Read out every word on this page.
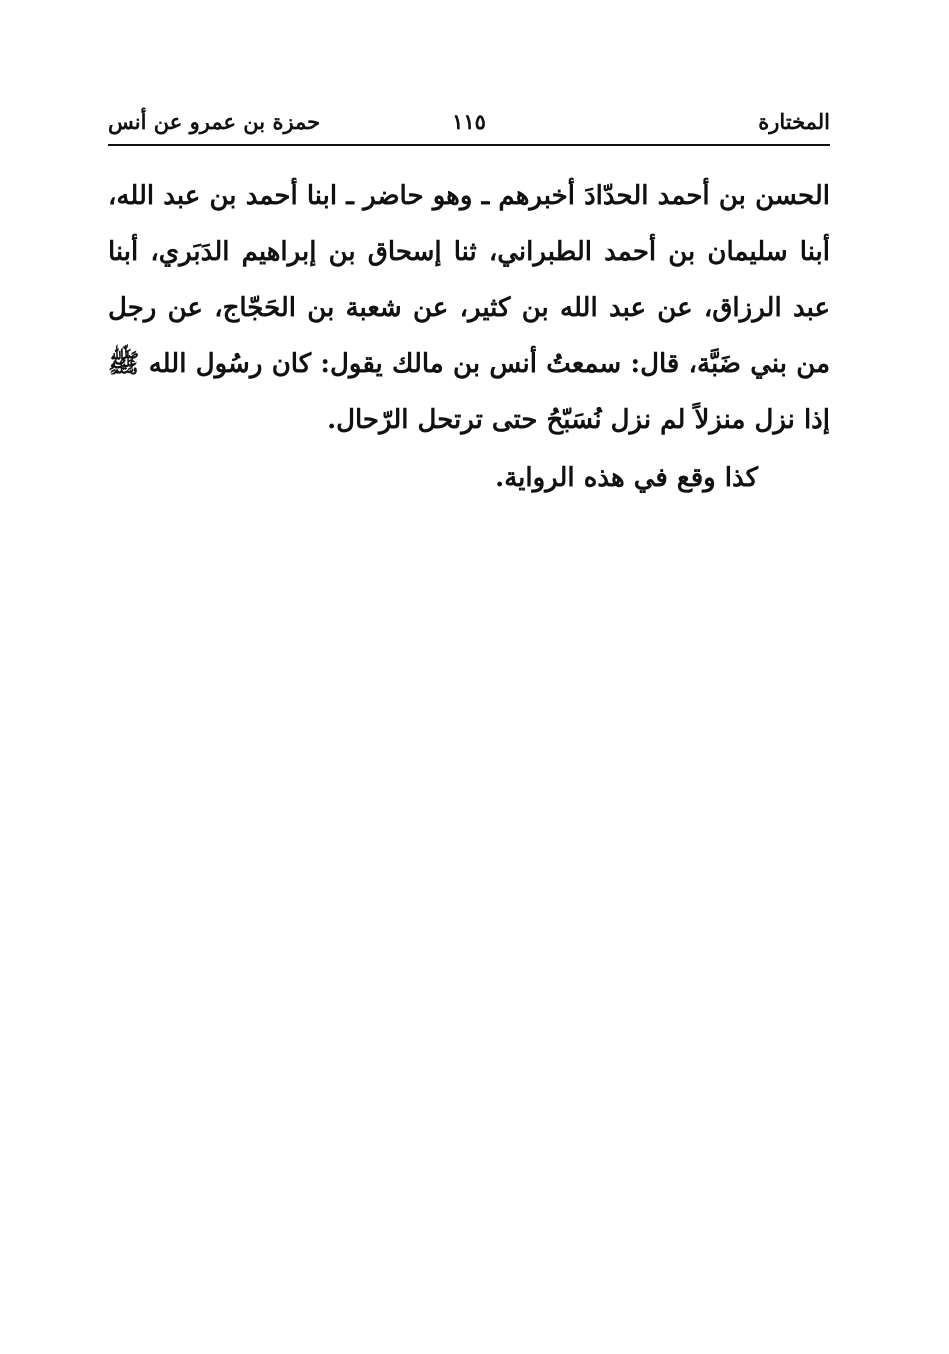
المختارة
١١٥
حمزة بن عمرو عن أنس

الحسن بن أحمد الحدّادَ أخبرهم ـ وهو حاضر ـ ابنا أحمد بن عبد الله، أبنا سليمان بن أحمد الطبراني، ثنا إسحاق بن إبراهيم الدَبَري، أبنا عبد الرزاق، عن عبد الله بن كثير، عن شعبة بن الحَجّاج، عن رجل من بني ضَبَّة، قال: سمعتُ أنس بن مالك يقول: كان رسُول الله ﷺ إذا نزل منزلاً لم نزل نُسَبّحُ حتى ترتحل الرّحال.

كذا وقع في هذه الرواية.
